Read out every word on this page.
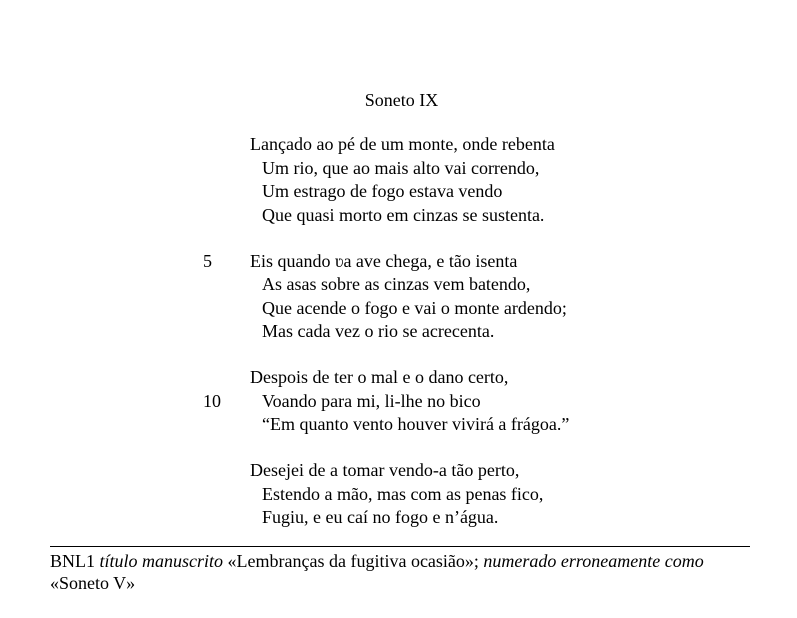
Soneto IX
Lançado ao pé de um monte, onde rebenta
Um rio, que ao mais alto vai correndo,
Um estrago de fogo estava vendo
Que quasi morto em cinzas se sustenta.
5 Eis quando ʋa ave chega, e tão isenta
As asas sobre as cinzas vem batendo,
Que acende o fogo e vai o monte ardendo;
Mas cada vez o rio se acrecenta.
Despois de ter o mal e o dano certo,
10 Voando para mi, li-lhe no bico
“Em quanto vento houver vivirá a frágoa.”
Desejei de a tomar vendo-a tão perto,
Estendo a mão, mas com as penas fico,
Fugiu, e eu caí no fogo e n’água.
BNL1 título manuscrito «Lembranças da fugitiva ocasião»; numerado erroneamente como «Soneto V»
